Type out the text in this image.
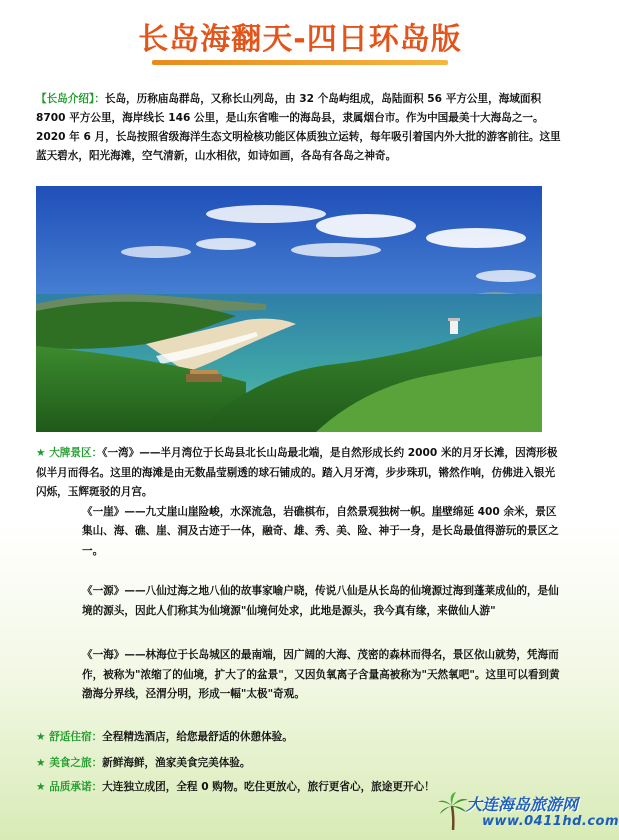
长岛海翻天-四日环岛版
【长岛介绍】：长岛，历称庙岛群岛，又称长山列岛，由 32 个岛屿组成，岛陆面积 56 平方公里，海域面积 8700 平方公里，海岸线长 146 公里，是山东省唯一的海岛县，隶属烟台市。作为中国最美十大海岛之一。2020 年 6 月，长岛按照省级海洋生态文明检核功能区体质独立运转，每年吸引着国内外大批的游客前往。这里蓝天碧水，阳光海滩，空气清新，山水相依，如诗如画，各岛有各岛之神奇。
★ 大牌景区：《一湾》——半月湾位于长岛县北长山岛最北端，是自然形成长约 2000 米的月牙长滩，因湾形极似半月而得名。这里的海滩是由无数晶莹剔透的球石铺成的。踏入月牙湾，步步珠玑，锵然作响，仿佛进入银光闪烁，玉辉斑驳的月宫。
《一崖》——九丈崖山崖险峻，水深流急，岩礁棋布，自然景观独树一帜。崖壁绵延 400 余米，景区集山、海、礁、崖、洞及古迹于一体，融奇、雄、秀、美、险、神于一身，是长岛最值得游玩的景区之一。
《一源》——八仙过海之地八仙的故事家喻户晓，传说八仙是从长岛的仙境源过海到蓬莱成仙的，是仙境的源头，因此人们称其为仙境源"仙境何处求，此地是源头，我今真有缘，来做仙人游"
《一海》——林海位于长岛城区的最南端，因广阔的大海、茂密的森林而得名，景区依山就势，凭海而作，被称为"浓缩了的仙境，扩大了的盆景"，又因负氧离子含量高被称为"天然氧吧"。这里可以看到黄渤海分界线，泾渭分明，形成一幅"太极"奇观。
★ 舒适住宿：全程精选酒店，给您最舒适的休憩体验。
★ 美食之旅：新鲜海鲜，渔家美食完美体验。
★ 品质承诺：大连独立成团，全程 0 购物。吃住更放心，旅行更省心，旅途更开心！
大连海岛旅游网
www.0411hd.com
